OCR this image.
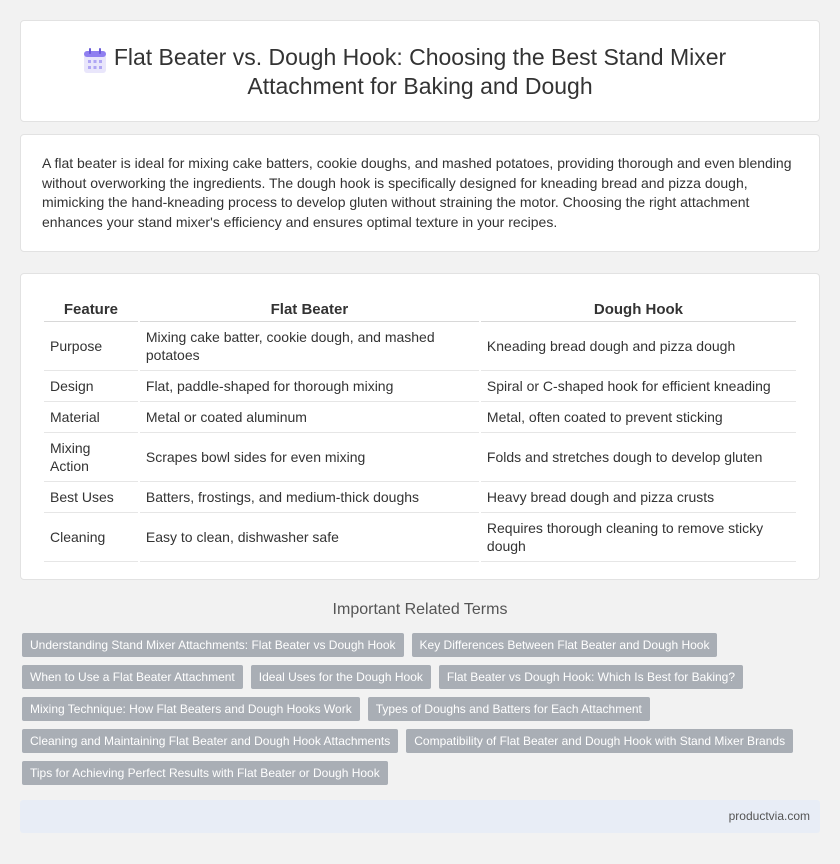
Flat Beater vs. Dough Hook: Choosing the Best Stand Mixer Attachment for Baking and Dough

A flat beater is ideal for mixing cake batters, cookie doughs, and mashed potatoes, providing thorough and even blending without overworking the ingredients. The dough hook is specifically designed for kneading bread and pizza dough, mimicking the hand-kneading process to develop gluten without straining the motor. Choosing the right attachment enhances your stand mixer's efficiency and ensures optimal texture in your recipes.

Feature	Flat Beater	Dough Hook
Purpose	Mixing cake batter, cookie dough, and mashed potatoes	Kneading bread dough and pizza dough
Design	Flat, paddle-shaped for thorough mixing	Spiral or C-shaped hook for efficient kneading
Material	Metal or coated aluminum	Metal, often coated to prevent sticking
Mixing Action	Scrapes bowl sides for even mixing	Folds and stretches dough to develop gluten
Best Uses	Batters, frostings, and medium-thick doughs	Heavy bread dough and pizza crusts
Cleaning	Easy to clean, dishwasher safe	Requires thorough cleaning to remove sticky dough
Important Related Terms
Understanding Stand Mixer Attachments: Flat Beater vs Dough Hook	Key Differences Between Flat Beater and Dough Hook
When to Use a Flat Beater Attachment	Ideal Uses for the Dough Hook	Flat Beater vs Dough Hook: Which Is Best for Baking?
Mixing Technique: How Flat Beaters and Dough Hooks Work	Types of Doughs and Batters for Each Attachment
Cleaning and Maintaining Flat Beater and Dough Hook Attachments	Compatibility of Flat Beater and Dough Hook with Stand Mixer Brands
Tips for Achieving Perfect Results with Flat Beater or Dough Hook
productvia.com
